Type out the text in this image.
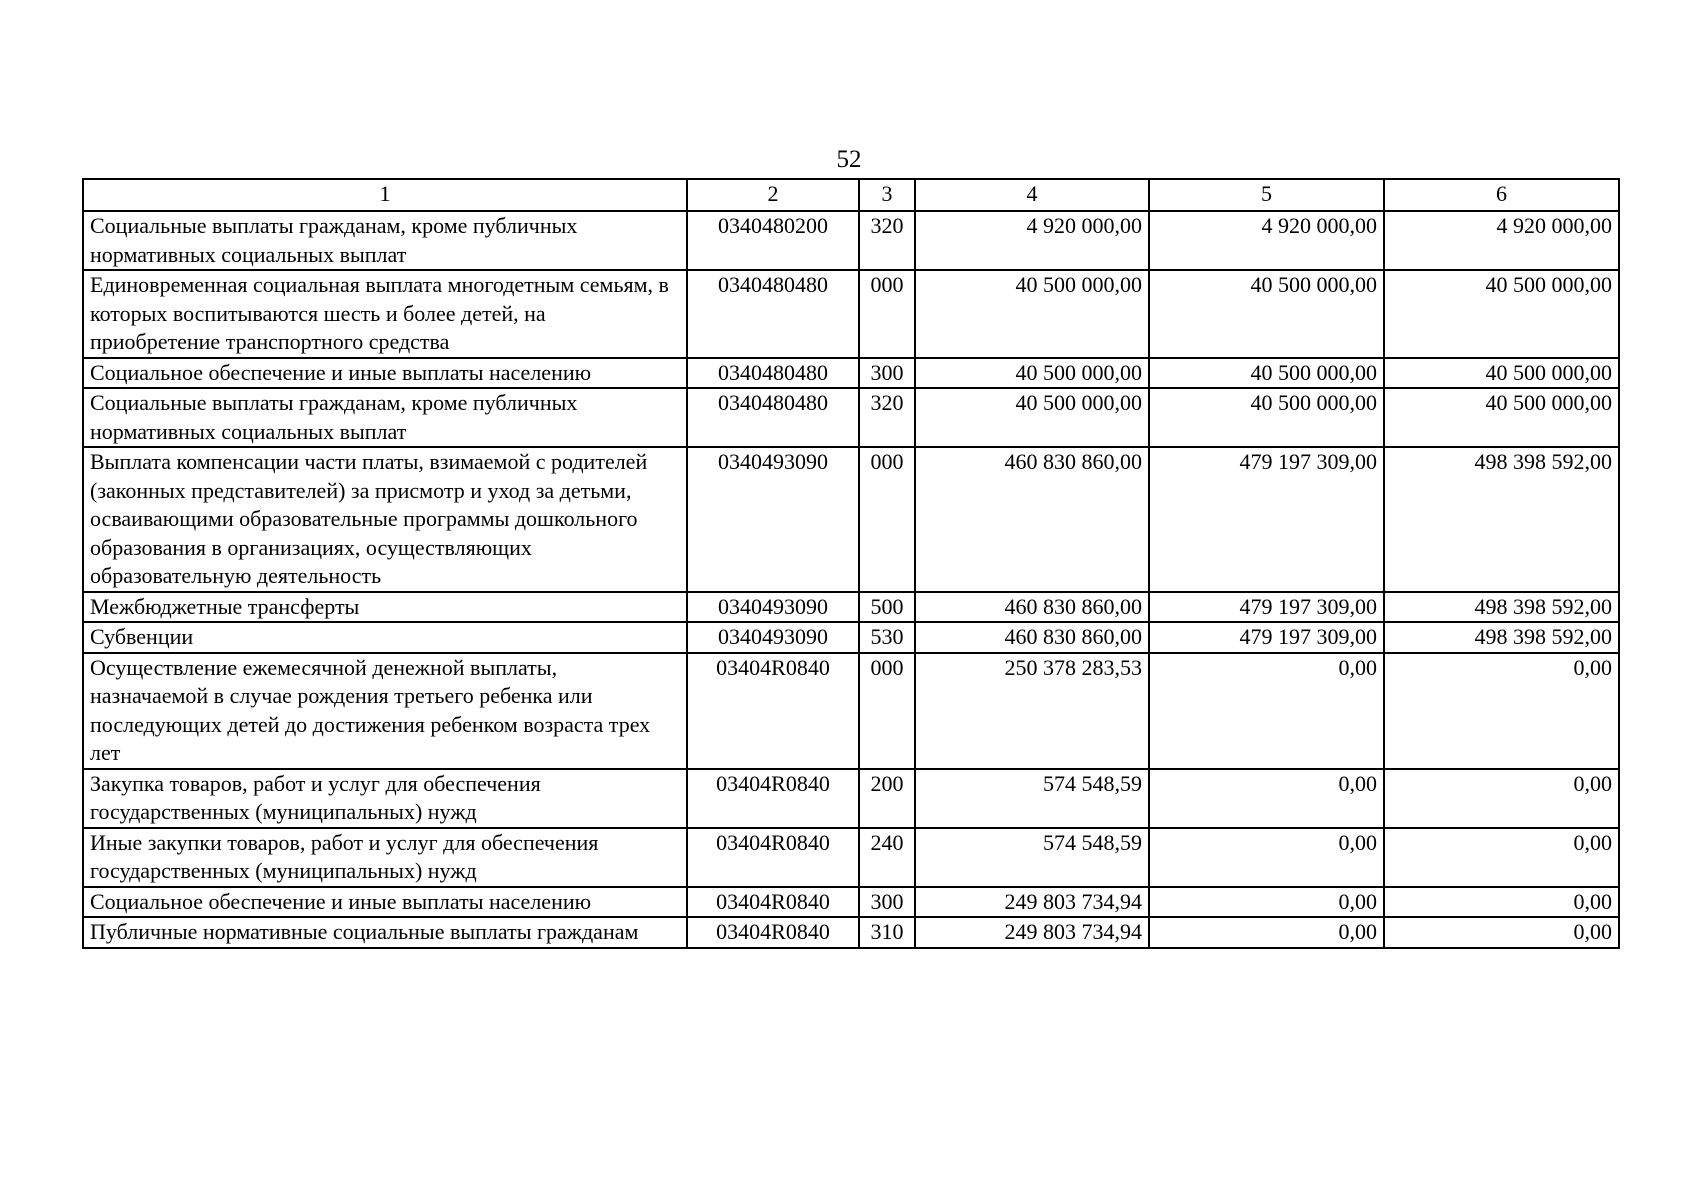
52
1	2	3	4	5	6
Социальные выплаты гражданам, кроме публичных нормативных социальных выплат	0340480200	320	4 920 000,00	4 920 000,00	4 920 000,00
Единовременная социальная выплата многодетным семьям, в которых воспитываются шесть и более детей, на приобретение транспортного средства	0340480480	000	40 500 000,00	40 500 000,00	40 500 000,00
Социальное обеспечение и иные выплаты населению	0340480480	300	40 500 000,00	40 500 000,00	40 500 000,00
Социальные выплаты гражданам, кроме публичных нормативных социальных выплат	0340480480	320	40 500 000,00	40 500 000,00	40 500 000,00
Выплата компенсации части платы, взимаемой с родителей (законных представителей) за присмотр и уход за детьми, осваивающими образовательные программы дошкольного образования в организациях, осуществляющих образовательную деятельность	0340493090	000	460 830 860,00	479 197 309,00	498 398 592,00
Межбюджетные трансферты	0340493090	500	460 830 860,00	479 197 309,00	498 398 592,00
Субвенции	0340493090	530	460 830 860,00	479 197 309,00	498 398 592,00
Осуществление ежемесячной денежной выплаты, назначаемой в случае рождения третьего ребенка или последующих детей до достижения ребенком возраста трех лет	03404R0840	000	250 378 283,53	0,00	0,00
Закупка товаров, работ и услуг для обеспечения государственных (муниципальных) нужд	03404R0840	200	574 548,59	0,00	0,00
Иные закупки товаров, работ и услуг для обеспечения государственных (муниципальных) нужд	03404R0840	240	574 548,59	0,00	0,00
Социальное обеспечение и иные выплаты населению	03404R0840	300	249 803 734,94	0,00	0,00
Публичные нормативные социальные выплаты гражданам	03404R0840	310	249 803 734,94	0,00	0,00
